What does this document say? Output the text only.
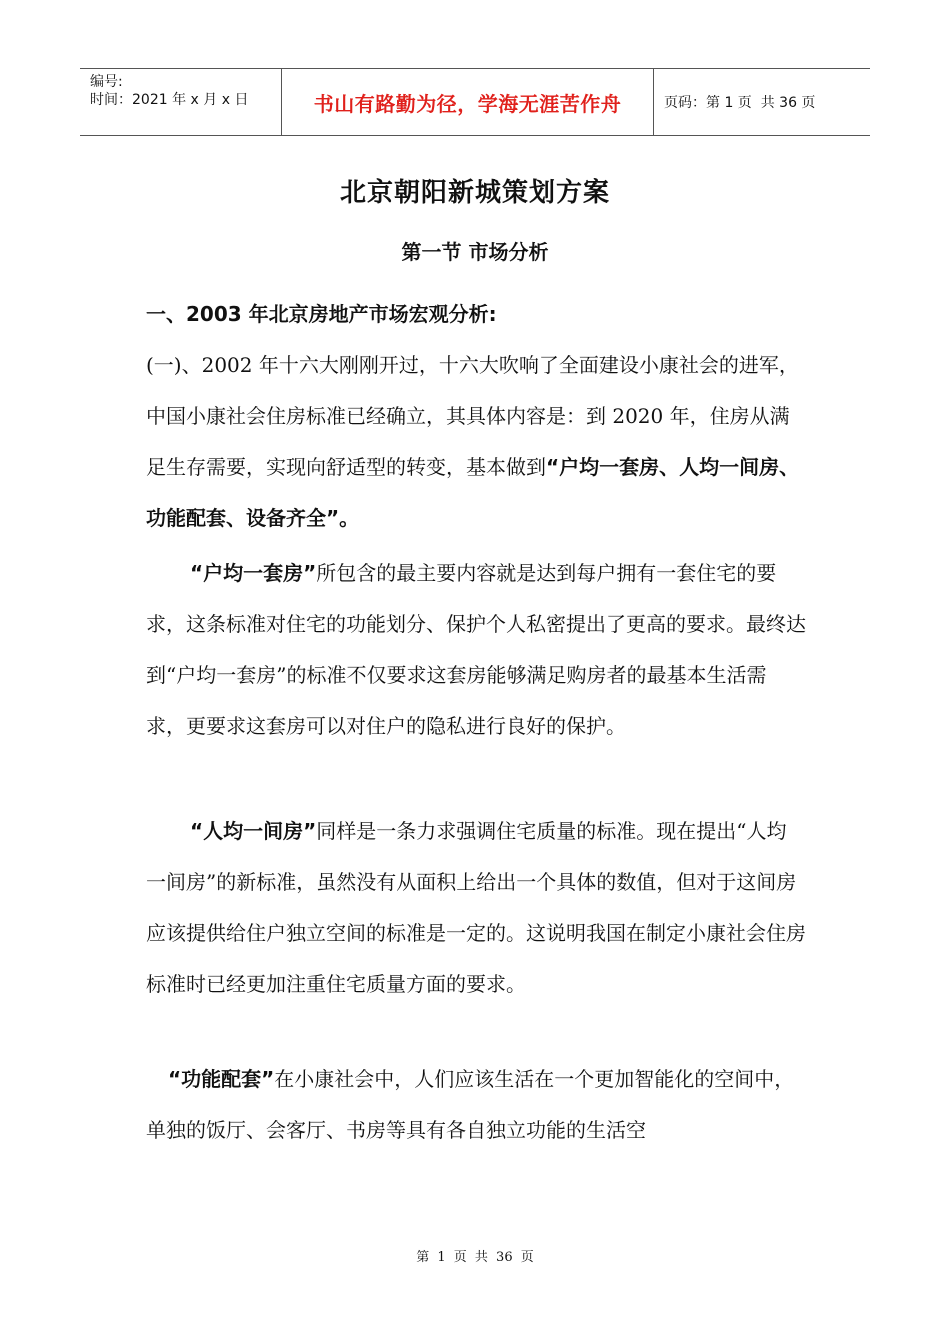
编号:
时间：2021 年 x 月 x 日	书山有路勤为径，学海无涯苦作舟	页码：第 1 页  共 36 页
北京朝阳新城策划方案
第一节 市场分析
一、2003 年北京房地产市场宏观分析:

(一)、2002 年十六大刚刚开过，十六大吹响了全面建设小康社会的进军，中国小康社会住房标准已经确立，其具体内容是：到 2020 年，住房从满足生存需要，实现向舒适型的转变，基本做到“户均一套房、人均一间房、功能配套、设备齐全”。

“户均一套房”所包含的最主要内容就是达到每户拥有一套住宅的要求，这条标准对住宅的功能划分、保护个人私密提出了更高的要求。最终达到“户均一套房”的标准不仅要求这套房能够满足购房者的最基本生活需求，更要求这套房可以对住户的隐私进行良好的保护。

“人均一间房”同样是一条力求强调住宅质量的标准。现在提出“人均一间房”的新标准，虽然没有从面积上给出一个具体的数值，但对于这间房应该提供给住户独立空间的标准是一定的。这说明我国在制定小康社会住房标准时已经更加注重住宅质量方面的要求。

“功能配套”在小康社会中，人们应该生活在一个更加智能化的空间中，单独的饭厅、会客厅、书房等具有各自独立功能的生活空

第 1 页 共 36 页
